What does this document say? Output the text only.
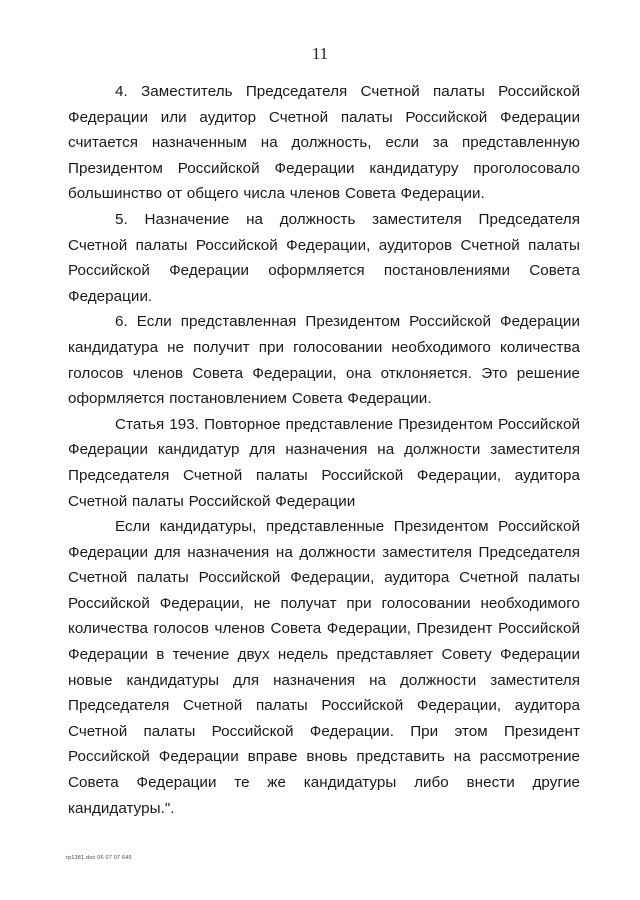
11

4. Заместитель Председателя Счетной палаты Российской Федерации или аудитор Счетной палаты Российской Федерации считается назначенным на должность, если за представленную Президентом Российской Федерации кандидатуру проголосовало большинство от общего числа членов Совета Федерации.

5. Назначение на должность заместителя Председателя Счетной палаты Российской Федерации, аудиторов Счетной палаты Российской Федерации оформляется постановлениями Совета Федерации.

6. Если представленная Президентом Российской Федерации кандидатура не получит при голосовании необходимого количества голосов членов Совета Федерации, она отклоняется. Это решение оформляется постановлением Совета Федерации.

Статья 193. Повторное представление Президентом Российской Федерации кандидатур для назначения на должности заместителя Председателя Счетной палаты Российской Федерации, аудитора Счетной палаты Российской Федерации

Если кандидатуры, представленные Президентом Российской Федерации для назначения на должности заместителя Председателя Счетной палаты Российской Федерации, аудитора Счетной палаты Российской Федерации, не получат при голосовании необходимого количества голосов членов Совета Федерации, Президент Российской Федерации в течение двух недель представляет Совету Федерации новые кандидатуры для назначения на должности заместителя Председателя Счетной палаты Российской Федерации, аудитора Счетной палаты Российской Федерации. При этом Президент Российской Федерации вправе вновь представить на рассмотрение Совета Федерации те же кандидатуры либо внести другие кандидатуры.".

rp1381.doc 06 07 07 645
